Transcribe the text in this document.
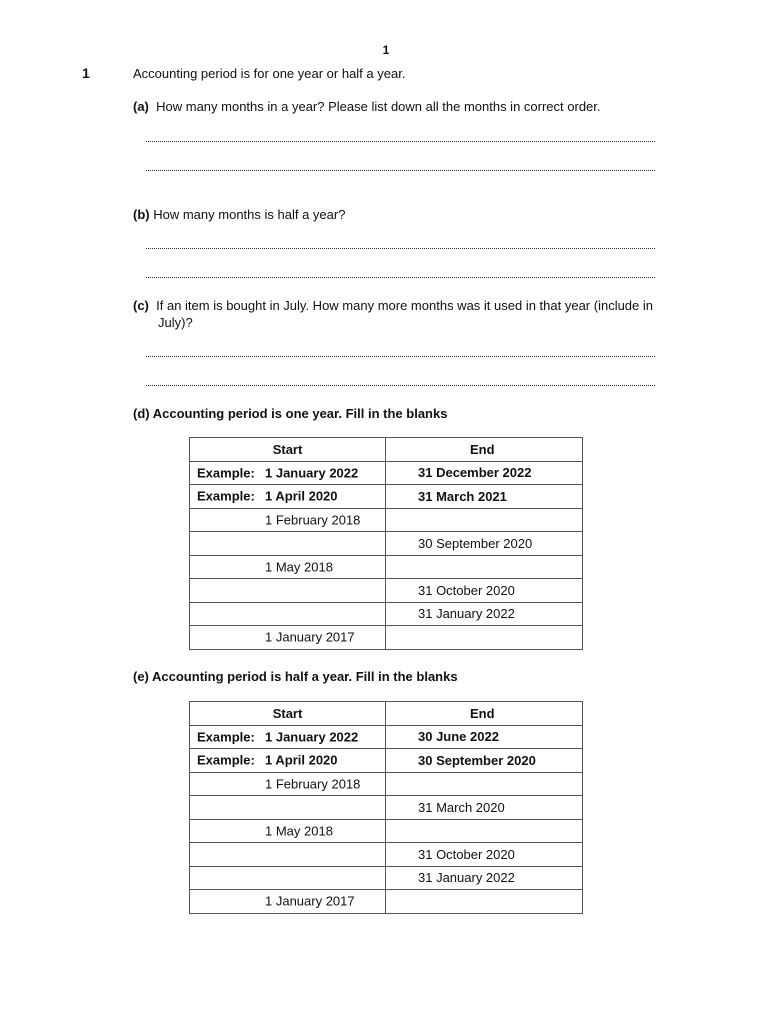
1
1	Accounting period is for one year or half a year.
(a) How many months in a year? Please list down all the months in correct order.
(b) How many months is half a year?
(c) If an item is bought in July. How many more months was it used in that year (include in
July)?
(d) Accounting period is one year. Fill in the blanks
Start	End

Example: 1 January 2022	31 December 2022

Example: 1 April 2020	31 March 2021

1 February 2018	

	30 September 2020

1 May 2018	

	31 October 2020

	31 January 2022

1 January 2017	

(e) Accounting period is half a year. Fill in the blanks
Start	End

Example: 1 January 2022	30 June 2022

Example: 1 April 2020	30 September 2020

1 February 2018	

	31 March 2020

1 May 2018	

	31 October 2020

	31 January 2022

1 January 2017	
